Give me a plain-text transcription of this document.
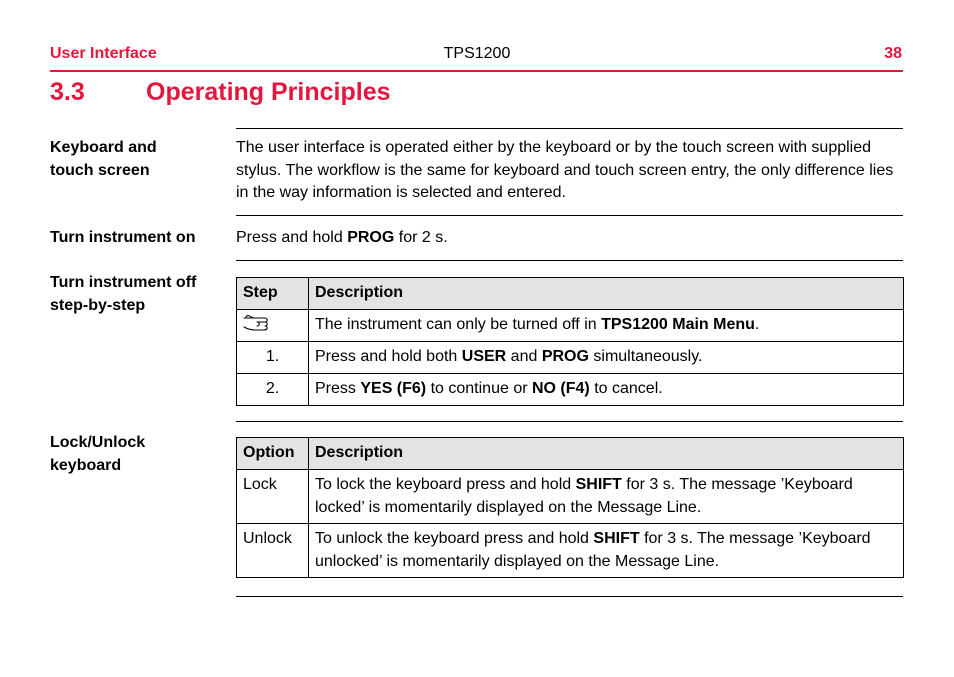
User Interface	TPS1200	38
3.3 Operating Principles
Keyboard and
touch screen
The user interface is operated either by the keyboard or by the touch screen with supplied stylus. The workflow is the same for keyboard and touch screen entry, the only difference lies in the way information is selected and entered.
Turn instrument on	Press and hold PROG for 2 s.
Turn instrument off
step-by-step
Step	Description

	The instrument can only be turned off in TPS1200 Main Menu.
1.	Press and hold both USER and PROG simultaneously.
2.	Press YES (F6) to continue or NO (F4) to cancel.
Lock/Unlock
keyboard
Option	Description
Lock	To lock the keyboard press and hold SHIFT for 3 s. The message ’Keyboard locked’ is momentarily displayed on the Message Line.
Unlock	To unlock the keyboard press and hold SHIFT for 3 s. The message ’Keyboard unlocked’ is momentarily displayed on the Message Line.
